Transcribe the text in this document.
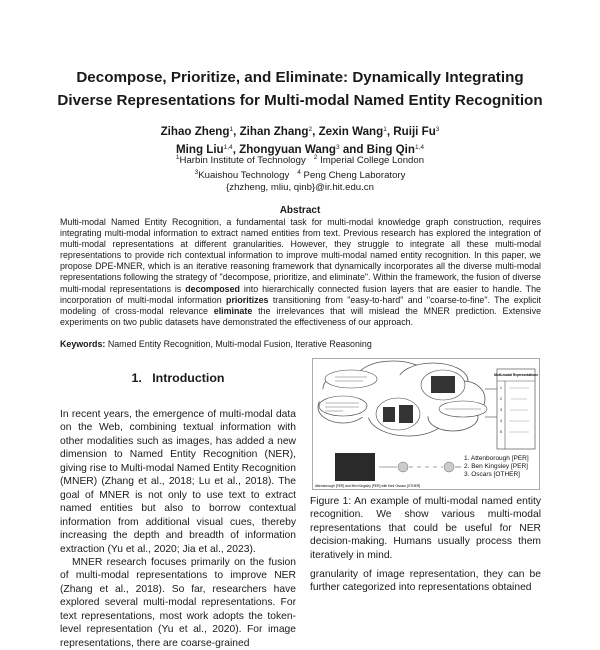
Decompose, Prioritize, and Eliminate: Dynamically Integrating
Diverse Representations for Multi-modal Named Entity Recognition
Zihao Zheng$^1$, Zihan Zhang$^2$, Zexin Wang$^1$, Ruiji Fu$^3$
Ming Liu$^{1,4}$, Zhongyuan Wang$^3$ and Bing Qin$^{1,4}$
$^1$Harbin Institute of Technology $^2$ Imperial College London
$^3$Kuaishou Technology $^4$ Peng Cheng Laboratory
{zhzheng, mliu, qinb}@ir.hit.edu.cn
Abstract
Multi-modal Named Entity Recognition, a fundamental task for multi-modal knowledge graph construction, requires integrating multi-modal information to extract named entities from text. Previous research has explored the integration of multi-modal representations at different granularities. However, they struggle to integrate all these multi-modal representations to provide rich contextual information to improve multi-modal named entity recognition. In this paper, we propose DPE-MNER, which is an iterative reasoning framework that dynamically incorporates all the diverse multi-modal representations following the strategy of "decompose, prioritize, and eliminate". Within the framework, the fusion of diverse multi-modal representations is decomposed into hierarchically connected fusion layers that are easier to handle. The incorporation of multi-modal information prioritizes transitioning from "easy-to-hard" and "coarse-to-fine". The explicit modeling of cross-modal relevance eliminate the irrelevances that will mislead the MNER prediction. Extensive experiments on two public datasets have demonstrated the effectiveness of our approach.
Keywords: Named Entity Recognition, Multi-modal Fusion, Iterative Reasoning
1. Introduction

In recent years, the emergence of multi-modal data on the Web, combining textual information with other modalities such as images, has added a new dimension to Named Entity Recognition (NER), giving rise to Multi-modal Named Entity Recognition (MNER) (Zhang et al., 2018; Lu et al., 2018). The goal of MNER is not only to use text to extract named entities but also to borrow contextual information from additional visual cues, thereby increasing the depth and breadth of information extraction (Yu et al., 2020; Jia et al., 2023).

MNER research focuses primarily on the fusion of multi-modal representations to improve NER (Zhang et al., 2018). So far, researchers have explored several multi-modal representations. For text representations, most work adopts the token-level representation (Yu et al., 2020). For image representations, there are coarse-grained

Multi-modal Representations
1
2
3
4
5
Attenborough [PER] and Ben Kingsley [PER] with their Oscars [OTHER]
1. Attenborough [PER]
2. Ben Kingsley [PER]
3. Oscars [OTHER]
Figure 1: An example of multi-modal named entity recognition. We show various multi-modal representations that could be useful for NER decision-making. Humans usually process them iteratively in mind.
granularity of image representation, they can be further categorized into representations obtained
